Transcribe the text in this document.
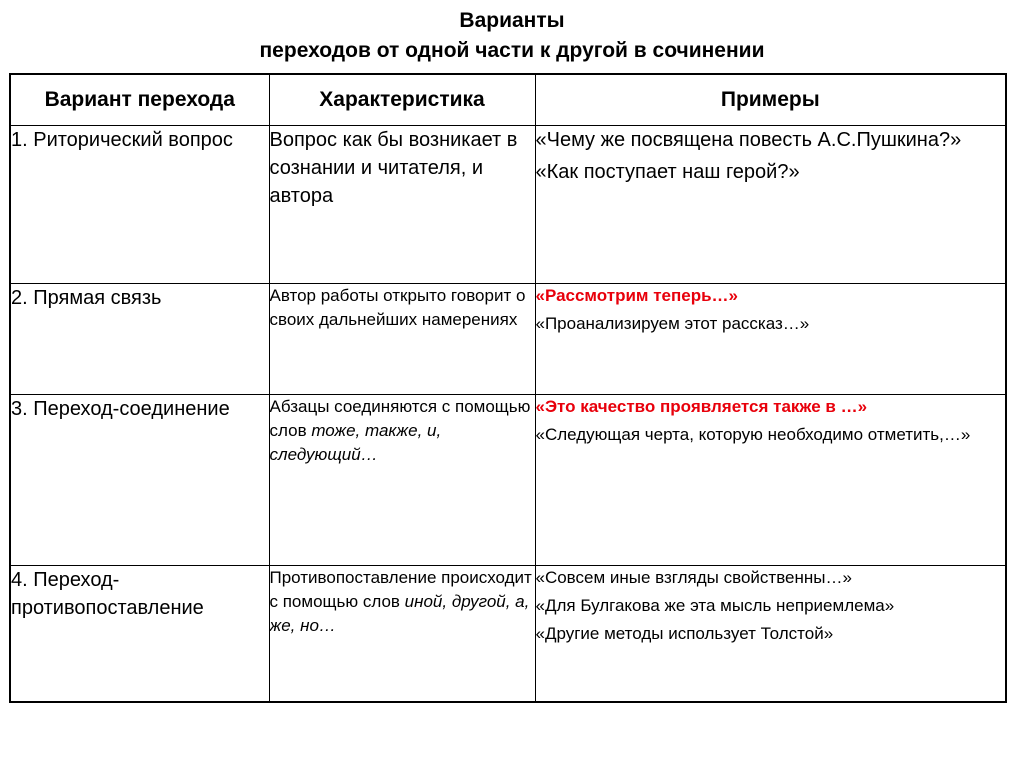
Варианты
переходов от одной части к другой в сочинении
Вариант перехода	Характеристика	Примеры
1. Риторический вопрос	Вопрос как бы возникает в сознании и читателя, и автора	«Чему же посвящена повесть А.С.Пушкина?»

«Как поступает наш герой?»

2. Прямая связь	Автор работы открыто говорит о своих дальнейших намерениях	«Рассмотрим теперь…»

«Проанализируем этот рассказ…»

3. Переход-соединение	Абзацы соединяются с помощью слов тоже, также, и, следующий…	«Это качество проявляется также в …»

«Следующая черта, которую необходимо отметить,…»

4. Переход-противопоставление	Противопоставление происходит с помощью слов иной, другой, а, же, но…	«Совсем иные взгляды свойственны…»

«Для Булгакова же эта мысль неприемлема»

«Другие методы использует Толстой»
